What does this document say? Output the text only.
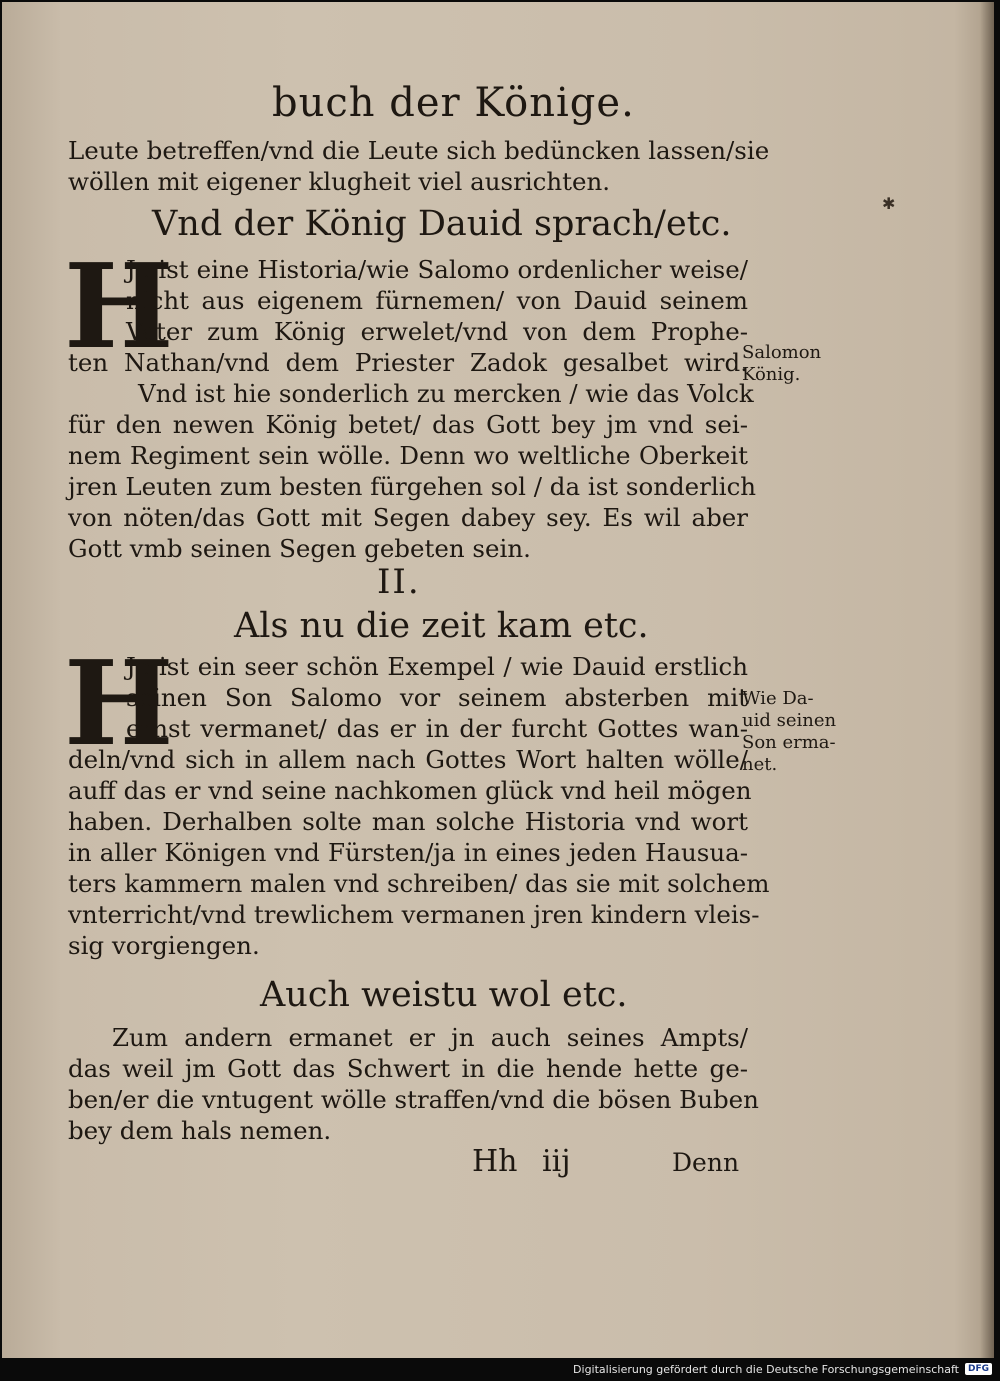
buch der Könige.
Leute betreffen/vnd die Leute sich bedüncken lassen/sie
wöllen mit eigener klugheit viel ausrichten.
Vnd der König Dauid sprach/etc.
H
Je ist eine Historia/wie Salomo ordenlicher weise/
nicht aus eigenem fürnemen/ von Dauid seinem
Vater zum König erwelet/vnd von dem Prophe-
ten Nathan/vnd dem Priester Zadok gesalbet wird.
Vnd ist hie sonderlich zu mercken / wie das Volck
für den newen König betet/ das Gott bey jm vnd sei-
nem Regiment sein wölle. Denn wo weltliche Oberkeit
jren Leuten zum besten fürgehen sol / da ist sonderlich
von nöten/das Gott mit Segen dabey sey. Es wil aber
Gott vmb seinen Segen gebeten sein.
Salomon
König.
II.
Als nu die zeit kam etc.
H
Je ist ein seer schön Exempel / wie Dauid erstlich
seinen Son Salomo vor seinem absterben mit
ernst vermanet/ das er in der furcht Gottes wan-
deln/vnd sich in allem nach Gottes Wort halten wölle/
auff das er vnd seine nachkomen glück vnd heil mögen
haben. Derhalben solte man solche Historia vnd wort
in aller Königen vnd Fürsten/ja in eines jeden Hausua-
ters kammern malen vnd schreiben/ das sie mit solchem
vnterricht/vnd trewlichem vermanen jren kindern vleis-
sig vorgiengen.
Wie Da-
uid seinen
Son erma-
net.
Auch weistu wol etc.
Zum andern ermanet er jn auch seines Ampts/
das weil jm Gott das Schwert in die hende hette ge-
ben/er die vntugent wölle straffen/vnd die bösen Buben
bey dem hals nemen.
Hh iij	Denn
✱
Digitalisierung gefördert durch die Deutsche Forschungsgemeinschaft	DFG
